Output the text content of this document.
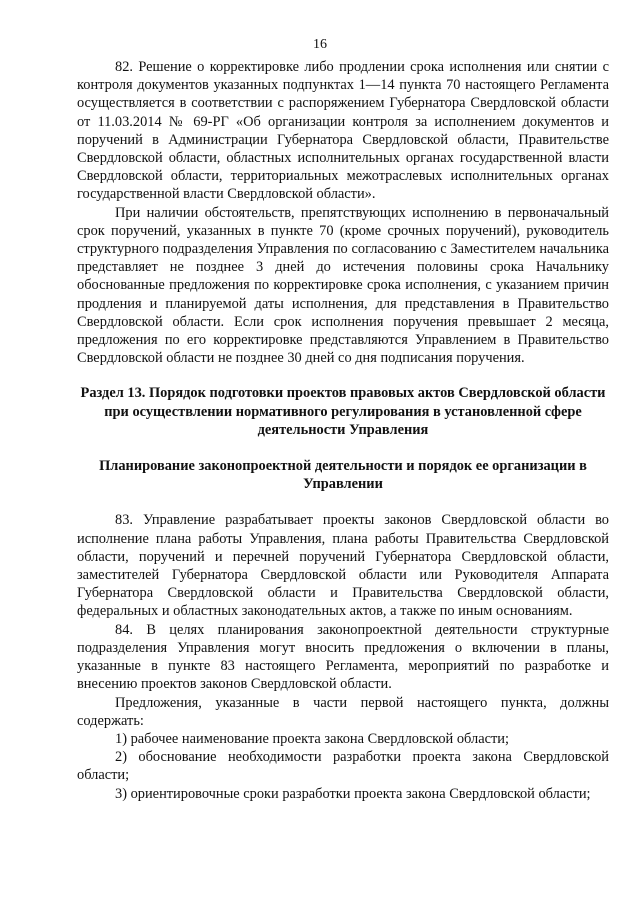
16

82. Решение о корректировке либо продлении срока исполнения или снятии с контроля документов указанных подпунктах 1—14 пункта 70 настоящего Регламента осуществляется в соответствии с распоряжением Губернатора Свердловской области от 11.03.2014 № 69-РГ «Об организации контроля за исполнением документов и поручений в Администрации Губернатора Свердловской области, Правительстве Свердловской области, областных исполнительных органах государственной власти Свердловской области, территориальных межотраслевых исполнительных органах государственной власти Свердловской области».

При наличии обстоятельств, препятствующих исполнению в первоначальный срок поручений, указанных в пункте 70 (кроме срочных поручений), руководитель структурного подразделения Управления по согласованию с Заместителем начальника представляет не позднее 3 дней до истечения половины срока Начальнику обоснованные предложения по корректировке срока исполнения, с указанием причин продления и планируемой даты исполнения, для представления в Правительство Свердловской области. Если срок исполнения поручения превышает 2 месяца, предложения по его корректировке представляются Управлением в Правительство Свердловской области не позднее 30 дней со дня подписания поручения.

Раздел 13. Порядок подготовки проектов правовых актов Свердловской области при осуществлении нормативного регулирования в установленной сфере деятельности Управления

Планирование законопроектной деятельности и порядок ее организации в Управлении

83. Управление разрабатывает проекты законов Свердловской области во исполнение плана работы Управления, плана работы Правительства Свердловской области, поручений и перечней поручений Губернатора Свердловской области, заместителей Губернатора Свердловской области или Руководителя Аппарата Губернатора Свердловской области и Правительства Свердловской области, федеральных и областных законодательных актов, а также по иным основаниям.

84. В целях планирования законопроектной деятельности структурные подразделения Управления могут вносить предложения о включении в планы, указанные в пункте 83 настоящего Регламента, мероприятий по разработке и внесению проектов законов Свердловской области.

Предложения, указанные в части первой настоящего пункта, должны содержать:

1) рабочее наименование проекта закона Свердловской области;

2) обоснование необходимости разработки проекта закона Свердловской области;

3) ориентировочные сроки разработки проекта закона Свердловской области;
